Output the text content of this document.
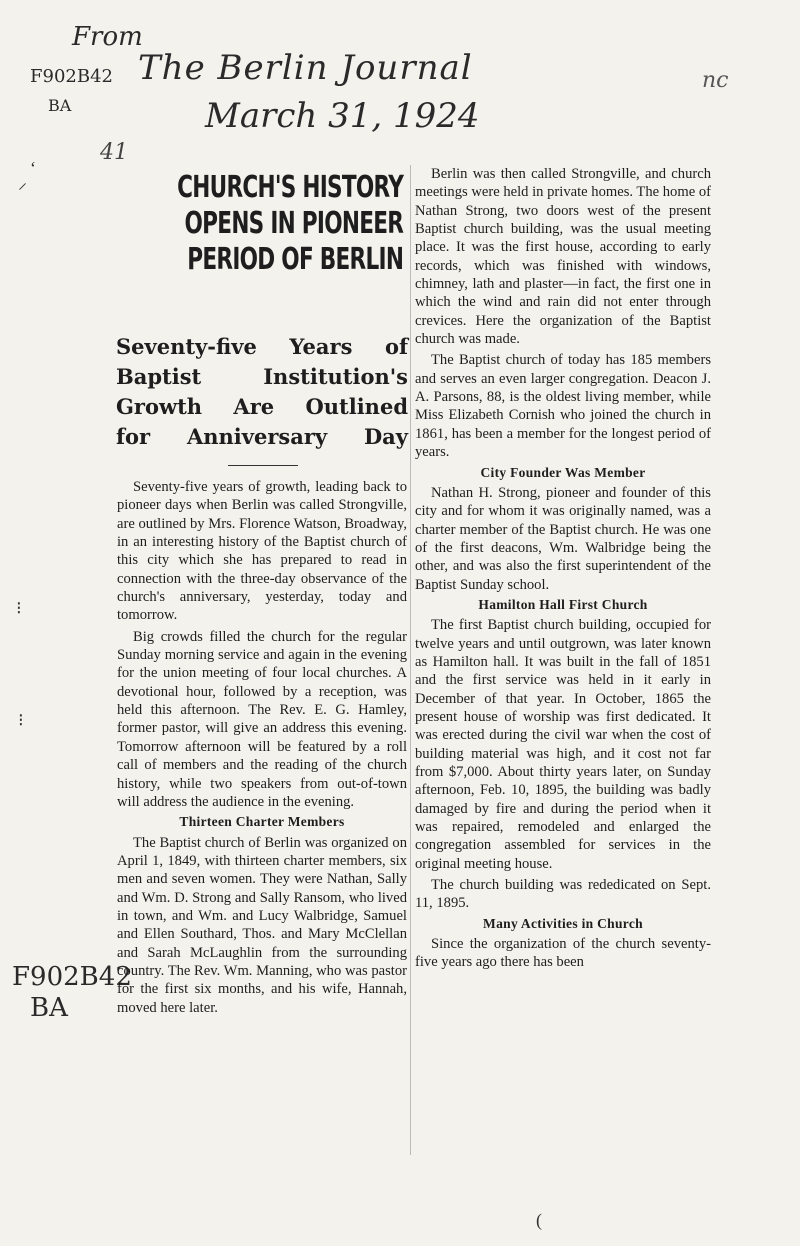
From
The Berlin Journal
March 31, 1924
41
nc
F902B42
BA
F902B42
BA
ʻ
⸍
⁝
⁝
(
CHURCH'S HISTORY
OPENS IN PIONEER
PERIOD OF BERLIN
Seventy-five Years of
Baptist Institution's
Growth Are Outlined
for Anniversary Day

Seventy-five years of growth, leading back to pioneer days when Berlin was called Strongville, are outlined by Mrs. Florence Watson, Broadway, in an interesting history of the Baptist church of this city which she has prepared to read in connection with the three-day observance of the church's anniversary, yesterday, today and tomorrow.

Big crowds filled the church for the regular Sunday morning service and again in the evening for the union meeting of four local churches. A devotional hour, followed by a reception, was held this afternoon. The Rev. E. G. Hamley, former pastor, will give an address this evening. Tomorrow afternoon will be featured by a roll call of members and the reading of the church history, while two speakers from out-of-town will address the audience in the evening.

Thirteen Charter Members

The Baptist church of Berlin was organized on April 1, 1849, with thirteen charter members, six men and seven women. They were Nathan, Sally and Wm. D. Strong and Sally Ransom, who lived in town, and Wm. and Lucy Walbridge, Samuel and Ellen Southard, Thos. and Mary McClellan and Sarah McLaughlin from the surrounding country. The Rev. Wm. Manning, who was pastor for the first six months, and his wife, Hannah, moved here later.

Berlin was then called Strongville, and church meetings were held in private homes. The home of Nathan Strong, two doors west of the present Baptist church building, was the usual meeting place. It was the first house, according to early records, which was finished with windows, chimney, lath and plaster—in fact, the first one in which the wind and rain did not enter through crevices. Here the organization of the Baptist church was made.

The Baptist church of today has 185 members and serves an even larger congregation. Deacon J. A. Parsons, 88, is the oldest living member, while Miss Elizabeth Cornish who joined the church in 1861, has been a member for the longest period of years.

City Founder Was Member

Nathan H. Strong, pioneer and founder of this city and for whom it was originally named, was a charter member of the Baptist church. He was one of the first deacons, Wm. Walbridge being the other, and was also the first superintendent of the Baptist Sunday school.

Hamilton Hall First Church

The first Baptist church building, occupied for twelve years and until outgrown, was later known as Hamilton hall. It was built in the fall of 1851 and the first service was held in it early in December of that year. In October, 1865 the present house of worship was first dedicated. It was erected during the civil war when the cost of building material was high, and it cost not far from $7,000. About thirty years later, on Sunday afternoon, Feb. 10, 1895, the building was badly damaged by fire and during the period when it was repaired, remodeled and enlarged the congregation assembled for services in the original meeting house.

The church building was rededicated on Sept. 11, 1895.

Many Activities in Church

Since the organization of the church seventy-five years ago there has been
